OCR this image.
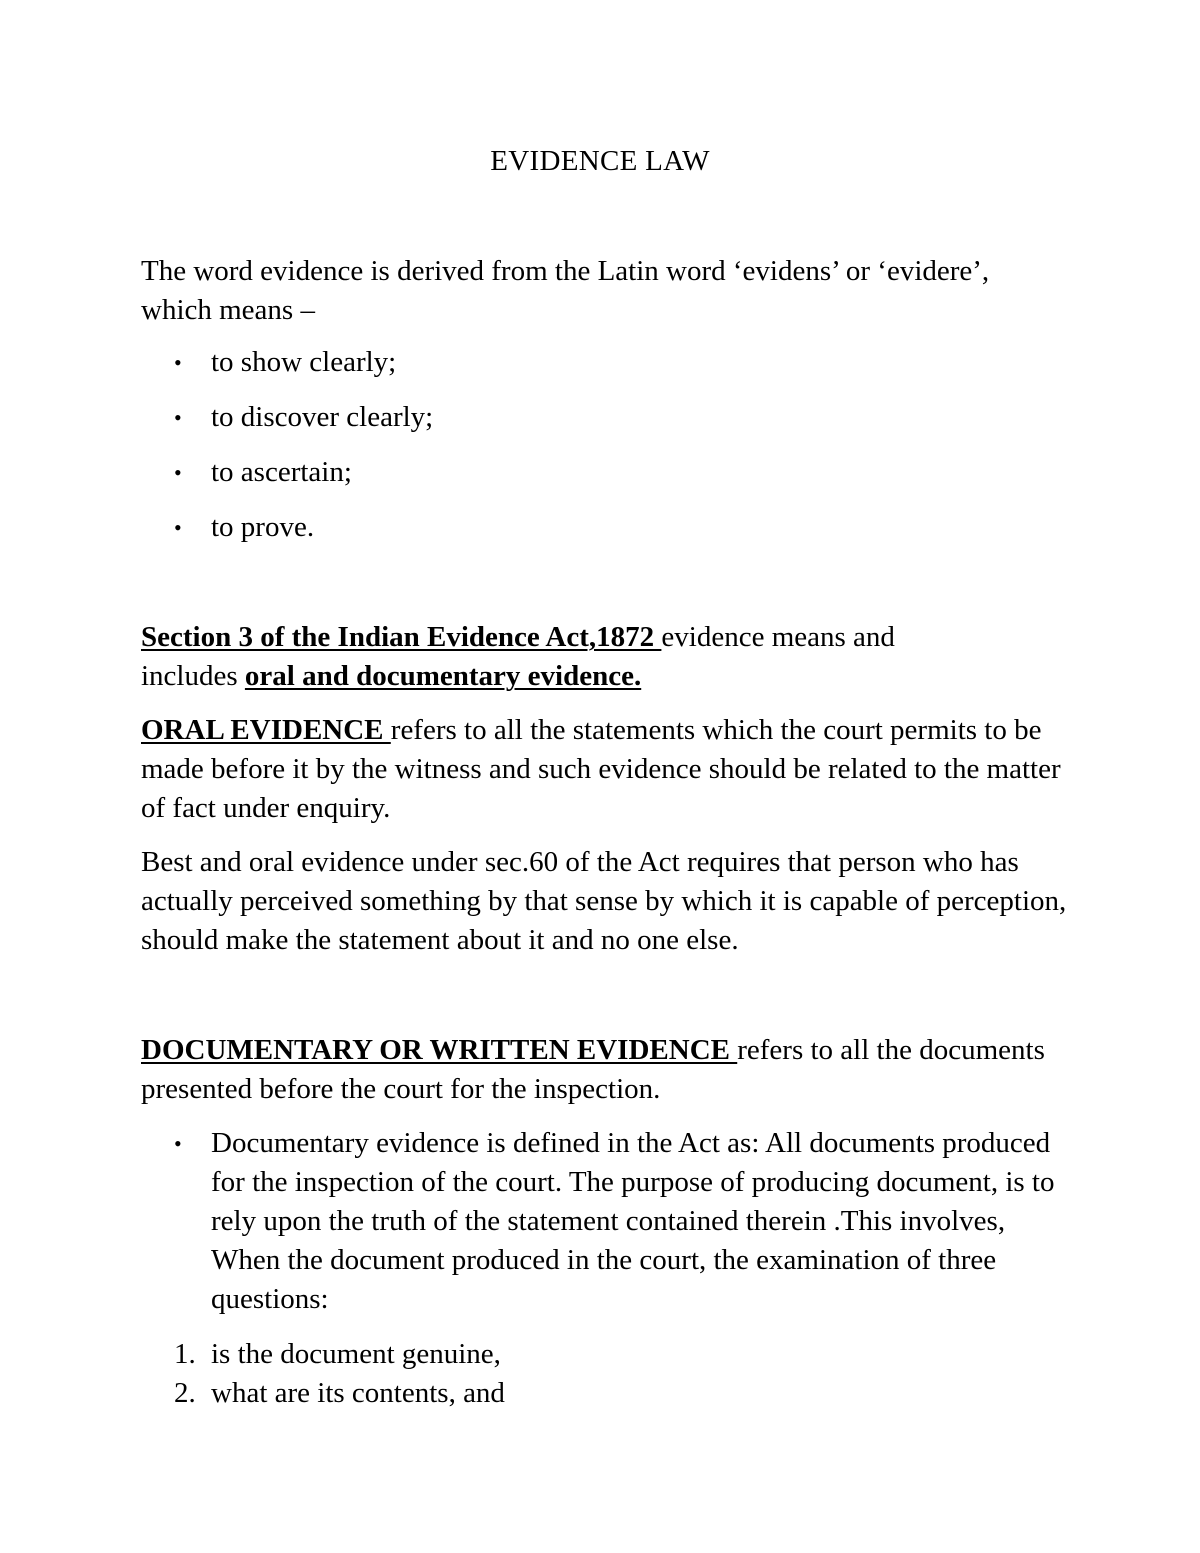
EVIDENCE LAW

The word evidence is derived from the Latin word ‘evidens’ or ‘evidere’,
which means –

• to show clearly;
• to discover clearly;
• to ascertain;
• to prove.

Section 3 of the Indian Evidence Act,1872 evidence means and
includes oral and documentary evidence.

ORAL EVIDENCE refers to all the statements which the court permits to be made before it by the witness and such evidence should be related to the matter of fact under enquiry.

Best and oral evidence under sec.60 of the Act requires that person who has actually perceived something by that sense by which it is capable of perception, should make the statement about it and no one else.

DOCUMENTARY OR WRITTEN EVIDENCE refers to all the documents presented before the court for the inspection.

• Documentary evidence is defined in the Act as: All documents produced for the inspection of the court. The purpose of producing document, is to rely upon the truth of the statement contained therein .This involves, When the document produced in the court, the examination of three questions:
1. is the document genuine,
2. what are its contents, and
